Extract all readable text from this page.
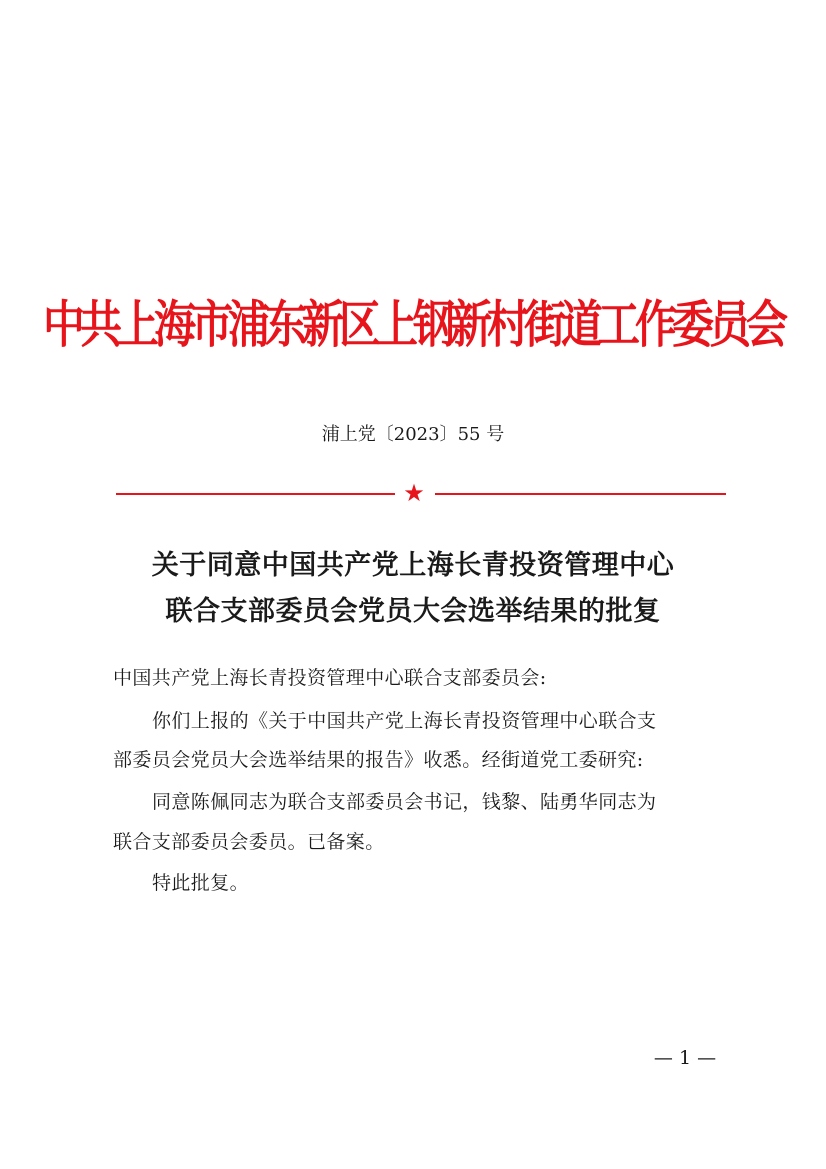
中共上海市浦东新区上钢新村街道工作委员会
浦上党〔2023〕55 号
★
关于同意中国共产党上海长青投资管理中心
联合支部委员会党员大会选举结果的批复
中国共产党上海长青投资管理中心联合支部委员会:
你们上报的《关于中国共产党上海长青投资管理中心联合支
部委员会党员大会选举结果的报告》收悉。经街道党工委研究:
同意陈佩同志为联合支部委员会书记，钱黎、陆勇华同志为
联合支部委员会委员。已备案。
特此批复。
— 1 —
